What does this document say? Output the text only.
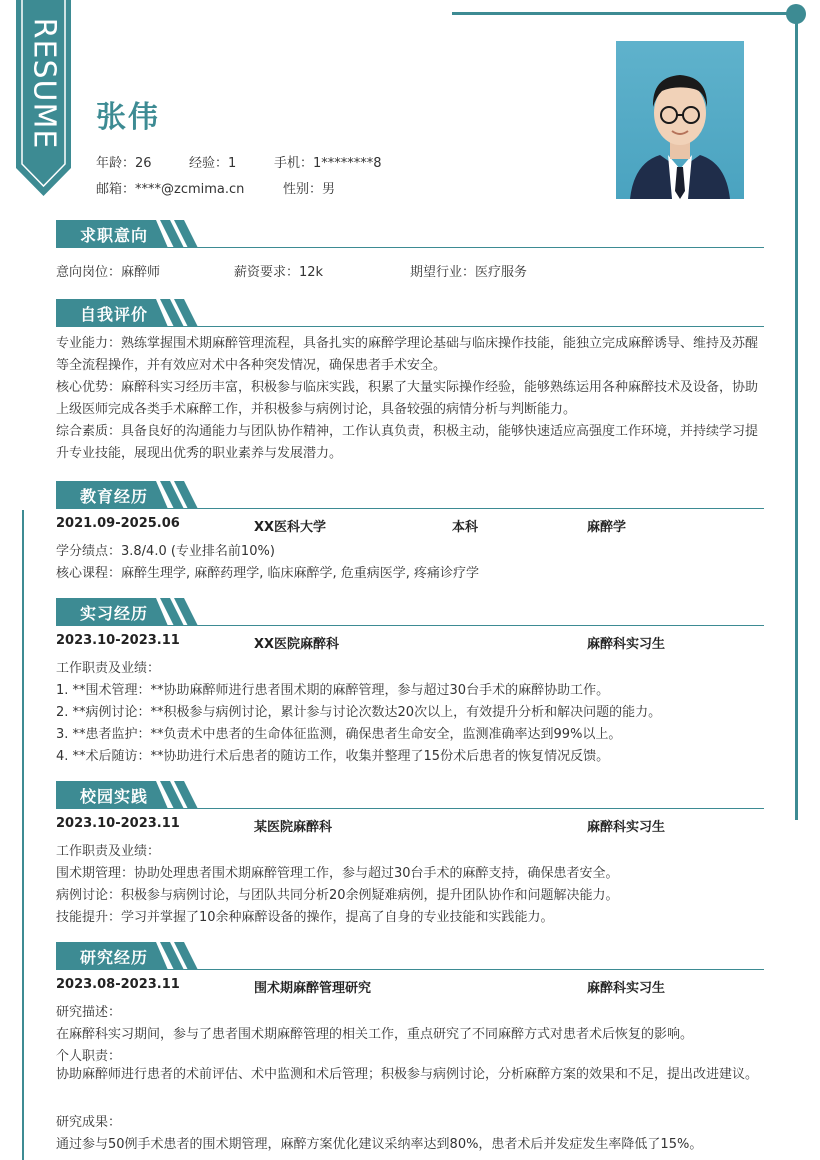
RESUME 张伟
年龄：26	经验：1	手机：1********8
邮箱：****@zcmima.cn	性别：男
求职意向
意向岗位：麻醉师	薪资要求：12k	期望行业：医疗服务
自我评价
专业能力：熟练掌握围术期麻醉管理流程，具备扎实的麻醉学理论基础与临床操作技能，能独立完成麻醉诱导、维持及苏醒等全流程操作，并有效应对术中各种突发情况，确保患者手术安全。
核心优势：麻醉科实习经历丰富，积极参与临床实践，积累了大量实际操作经验，能够熟练运用各种麻醉技术及设备，协助上级医师完成各类手术麻醉工作，并积极参与病例讨论，具备较强的病情分析与判断能力。
综合素质：具备良好的沟通能力与团队协作精神，工作认真负责，积极主动，能够快速适应高强度工作环境，并持续学习提升专业技能，展现出优秀的职业素养与发展潜力。
教育经历
2021.09-2025.06	XX医科大学	本科	麻醉学
学分绩点：3.8/4.0 (专业排名前10%)
核心课程：麻醉生理学, 麻醉药理学, 临床麻醉学, 危重病医学, 疼痛诊疗学
实习经历
2023.10-2023.11	XX医院麻醉科	麻醉科实习生
工作职责及业绩：
1. **围术管理：**协助麻醉师进行患者围术期的麻醉管理，参与超过30台手术的麻醉协助工作。
2. **病例讨论：**积极参与病例讨论，累计参与讨论次数达20次以上，有效提升分析和解决问题的能力。
3. **患者监护：**负责术中患者的生命体征监测，确保患者生命安全，监测准确率达到99%以上。
4. **术后随访：**协助进行术后患者的随访工作，收集并整理了15份术后患者的恢复情况反馈。
校园实践
2023.10-2023.11	某医院麻醉科	麻醉科实习生
工作职责及业绩：
围术期管理：协助处理患者围术期麻醉管理工作，参与超过30台手术的麻醉支持，确保患者安全。
病例讨论：积极参与病例讨论，与团队共同分析20余例疑难病例，提升团队协作和问题解决能力。
技能提升：学习并掌握了10余种麻醉设备的操作，提高了自身的专业技能和实践能力。
研究经历
2023.08-2023.11	围术期麻醉管理研究	麻醉科实习生
研究描述：
在麻醉科实习期间，参与了患者围术期麻醉管理的相关工作，重点研究了不同麻醉方式对患者术后恢复的影响。
个人职责：
协助麻醉师进行患者的术前评估、术中监测和术后管理；积极参与病例讨论，分析麻醉方案的效果和不足，提出改进建议。
研究成果：
通过参与50例手术患者的围术期管理，麻醉方案优化建议采纳率达到80%，患者术后并发症发生率降低了15%。
